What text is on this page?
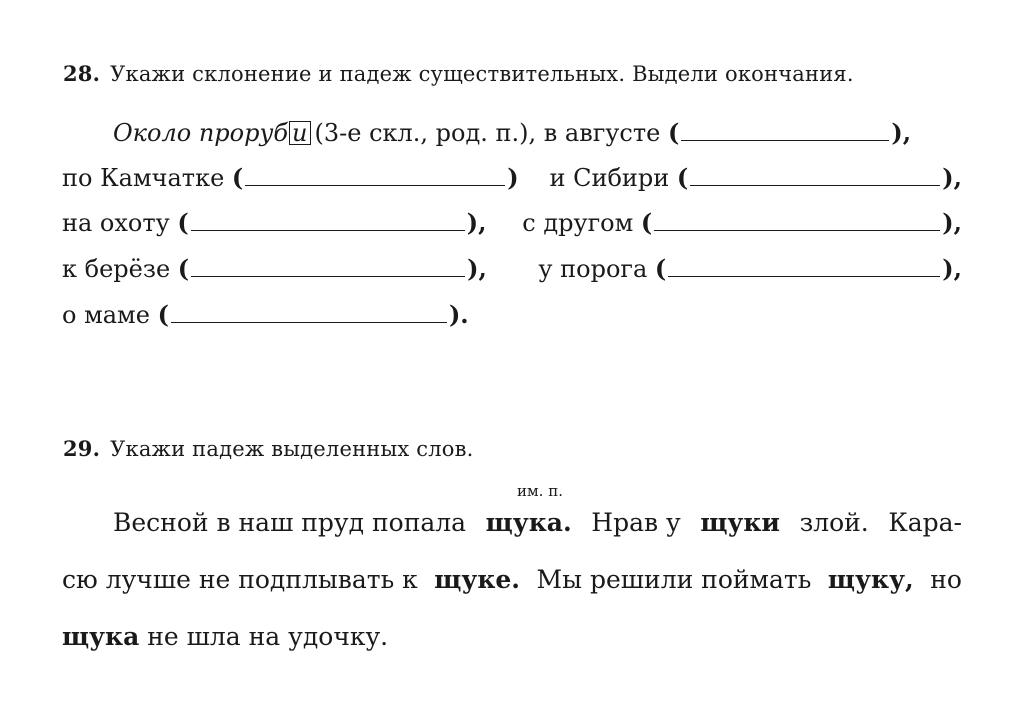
28. Укажи склонение и падеж существительных. Выдели окончания.
Около проруб и (3-е скл., род. п.),
в августе
(	),
по Камчатке
(	) и Сибири
(	),
на охоту
(	), с другом
(	),
к берёзе
(	), у порога
(	),
о маме
(	).
29. Укажи падеж выделенных слов.
им. п.
Весной в наш пруд попала щука. Нрав у щуки злой. Кара-
сю лучше не подплывать к щуке. Мы решили поймать щуку, но
щука не шла на удочку.
